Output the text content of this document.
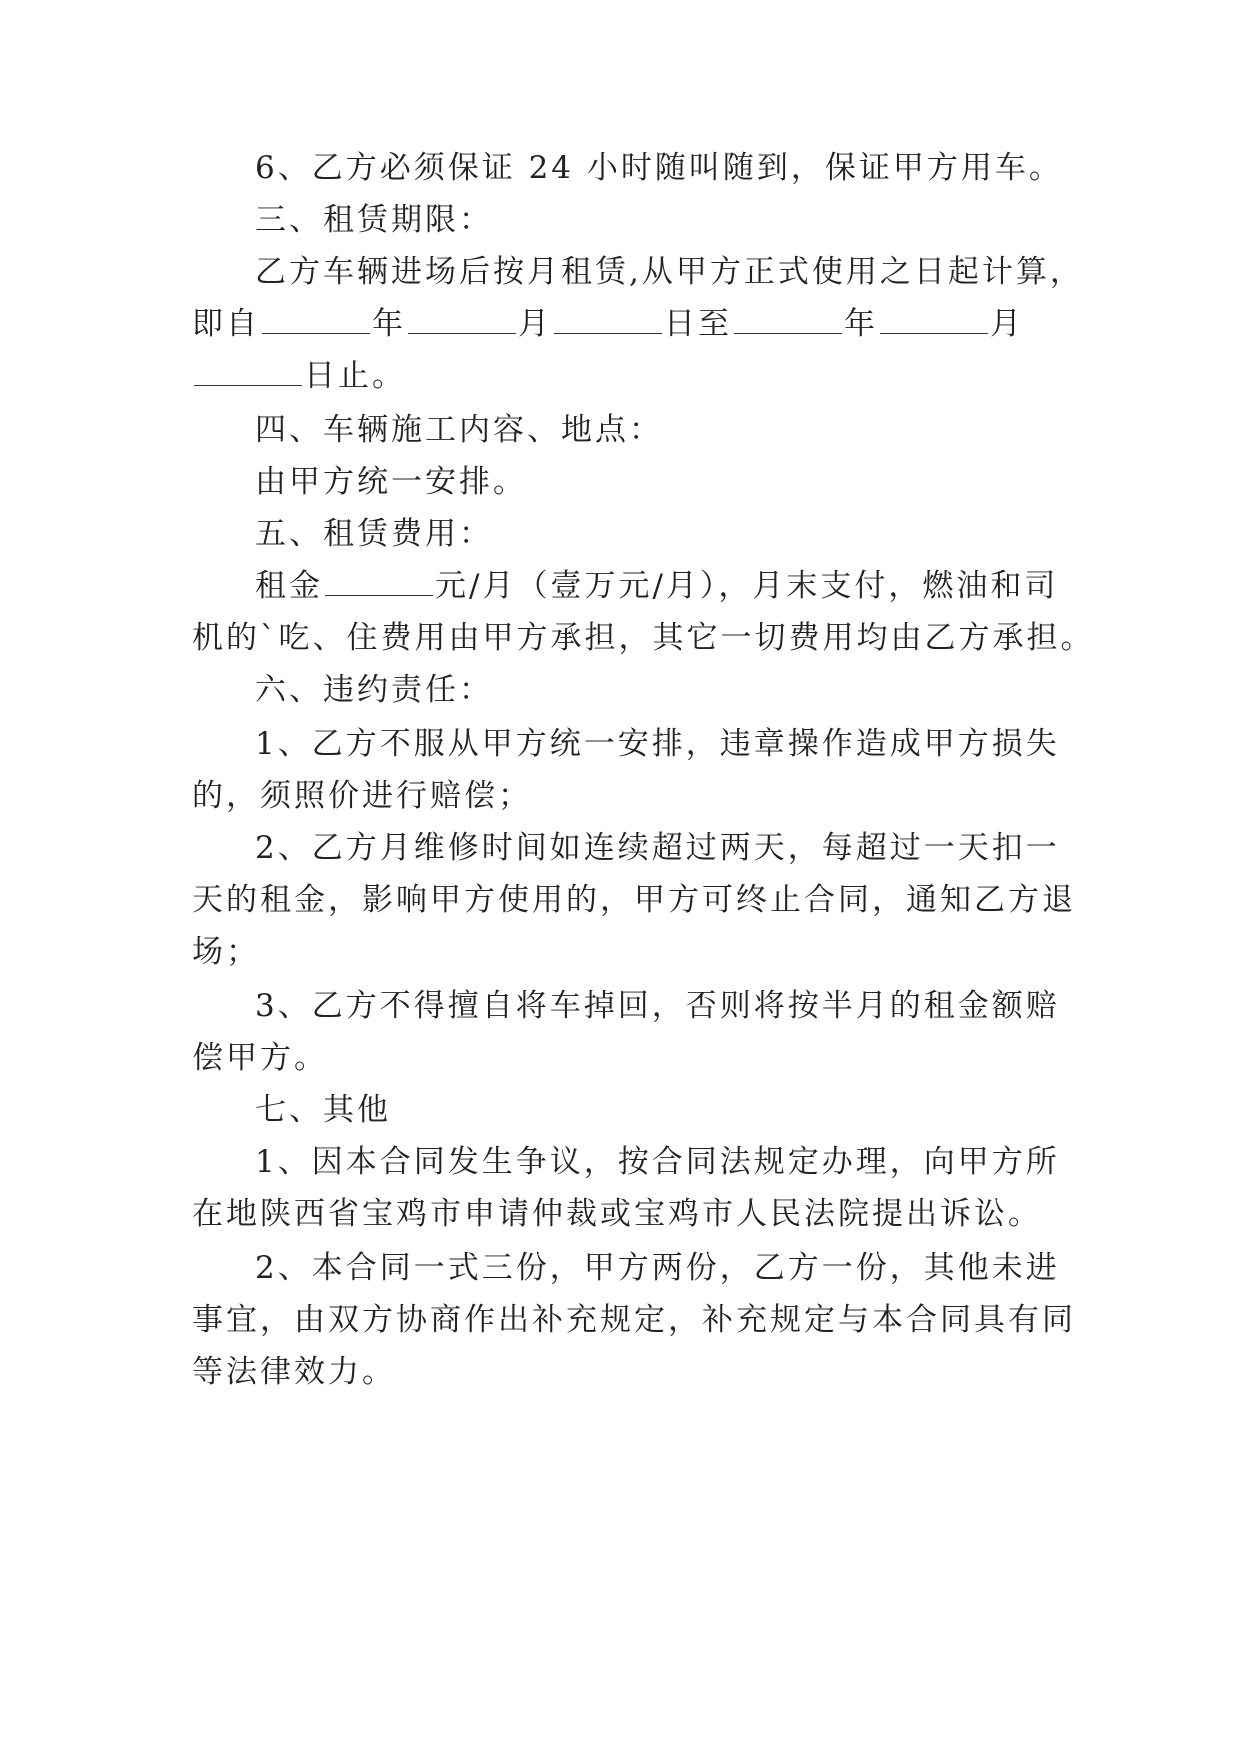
6、乙方必须保证 24 小时随叫随到，保证甲方用车。
三、租赁期限：
乙方车辆进场后按月租赁,从甲方正式使用之日起计算，
即自	年	月	日至	年	月
日止。
四、车辆施工内容、地点：
由甲方统一安排。
五、租赁费用：
租金	元/月（壹万元/月），月末支付，燃油和司
机的`吃、住费用由甲方承担，其它一切费用均由乙方承担。
六、违约责任：
1、乙方不服从甲方统一安排，违章操作造成甲方损失
的，须照价进行赔偿；
2、乙方月维修时间如连续超过两天，每超过一天扣一
天的租金，影响甲方使用的，甲方可终止合同，通知乙方退
场；
3、乙方不得擅自将车掉回，否则将按半月的租金额赔
偿甲方。
七、其他
1、因本合同发生争议，按合同法规定办理，向甲方所
在地陕西省宝鸡市申请仲裁或宝鸡市人民法院提出诉讼。
2、本合同一式三份，甲方两份，乙方一份，其他未进
事宜，由双方协商作出补充规定，补充规定与本合同具有同
等法律效力。
